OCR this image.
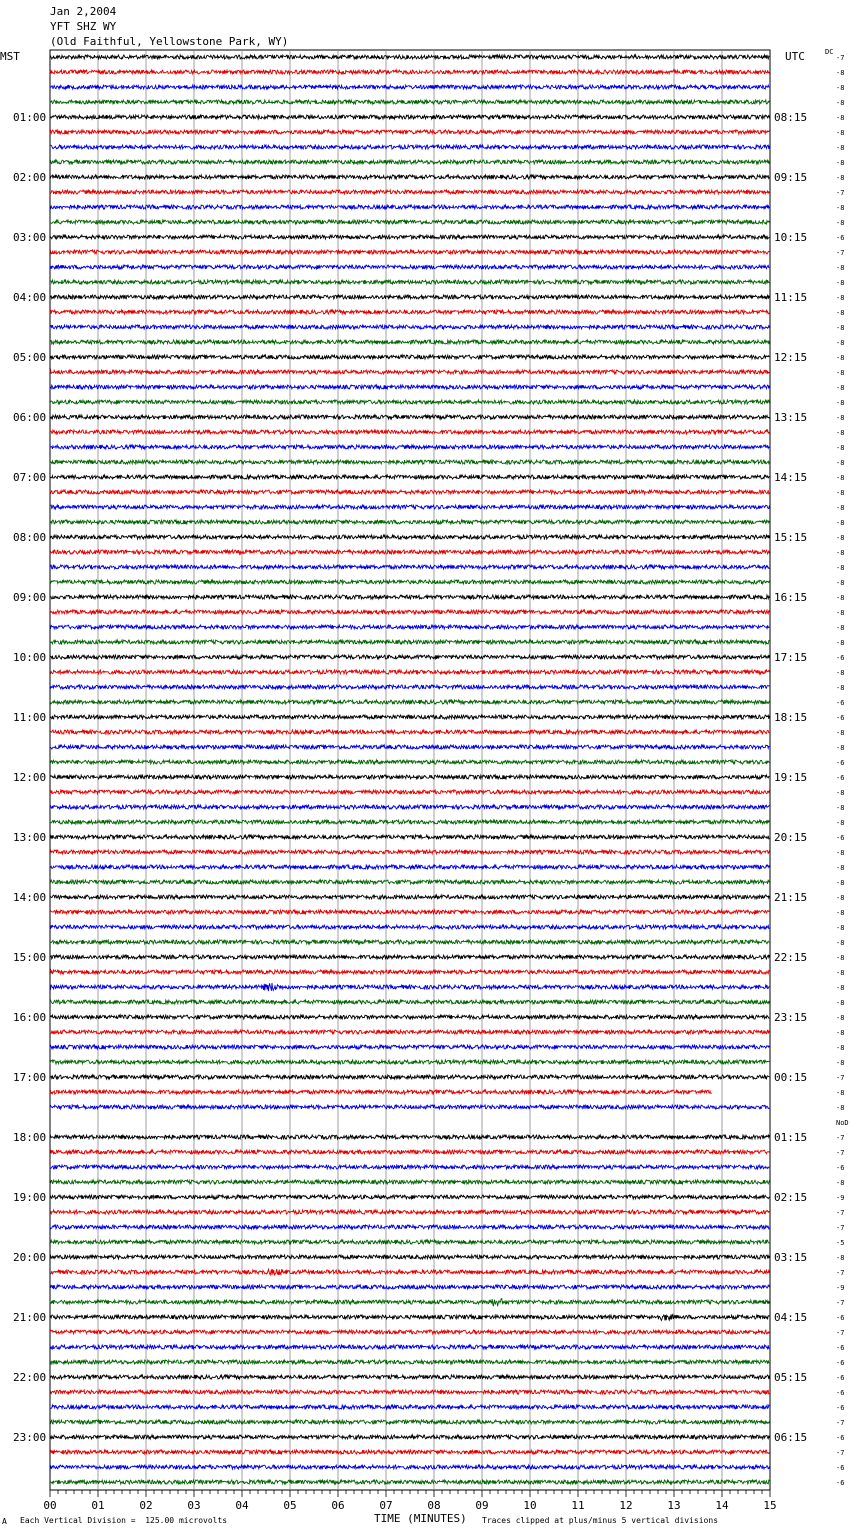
Jan 2,2004
YFT SHZ WY
(Old Faithful, Yellowstone Park, WY)
MST	UTC	DC
00	01	02	03	04	05	06	07	08	09	10	11	12	13	14	15
-7
-8
-8
-8
-8
-8
-8
-8
-8
-7
-8
-8
-6
-7
-8
-8
-8
-8
-8
-8
-8
-8
-8
-8
-8
-8
-8
-8
-8
-8
-8
-8
-8
-8
-8
-8
-8
-8
-8
-8
-6
-8
-8
-6
-6
-8
-8
-6
-6
-8
-8
-8
-6
-8
-8
-8
-8
-8
-8
-8
-8
-8
-8
-8
-8
-8
-8
-8
-7
-8
-8
NoD
-7
-7
-6
-8
-9
-7
-7
-5
-8
-7
-9
-7
-6
-7
-6
-6
-6
-6
-6
-7
-6
-7
-6
-6
01:00
02:00
03:00
04:00
05:00
06:00
07:00
08:00
09:00
10:00
11:00
12:00
13:00
14:00
15:00
16:00
17:00
18:00
19:00
20:00
21:00
22:00
23:00
08:15
09:15
10:15
11:15
12:15
13:15
14:15
15:15
16:15
17:15
18:15
19:15
20:15
21:15
22:15
23:15
00:15
01:15
02:15
03:15
04:15
05:15
06:15
A Each Vertical Division =  125.00 microvolts	TIME (MINUTES) Traces clipped at plus/minus 5 vertical divisions
